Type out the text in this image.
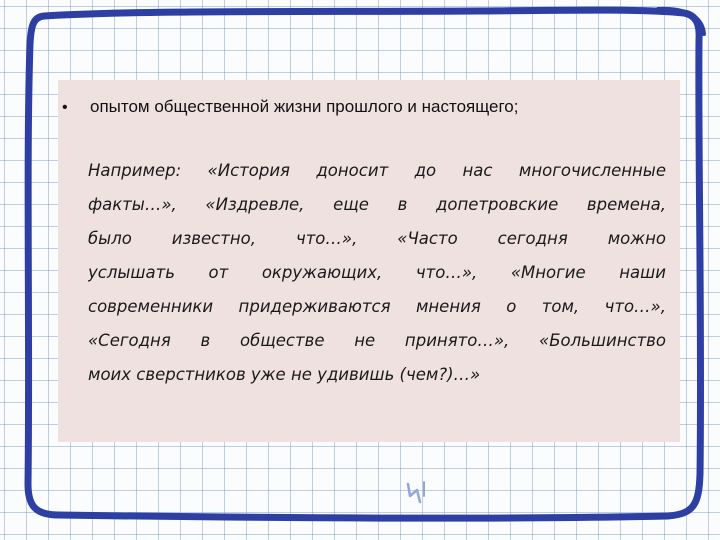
•	опытом общественной жизни прошлого и настоящего;
Например: «История доносит до нас многочисленные
факты…», «Издревле, еще в допетровские времена,
было известно, что…», «Часто сегодня можно
услышать от окружающих, что…», «Многие наши
современники придерживаются мнения о том, что…»,
«Сегодня в обществе не принято…», «Большинство
моих сверстников уже не удивишь (чем?)…»
